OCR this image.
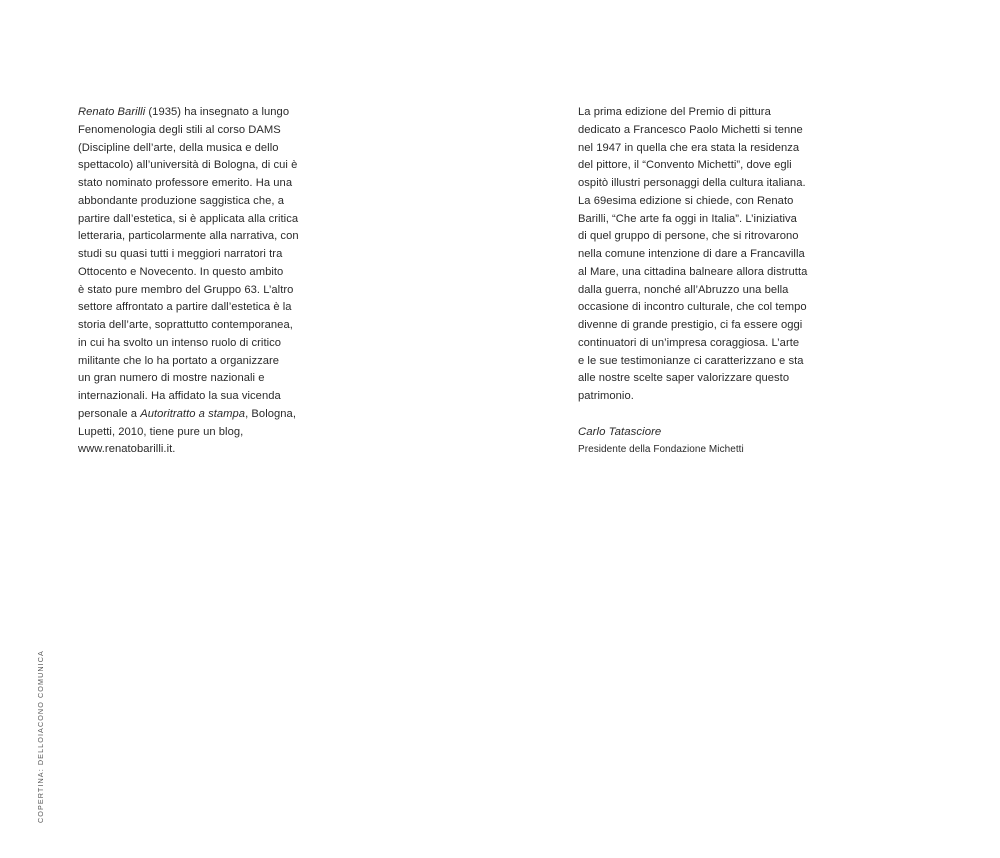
Renato Barilli (1935) ha insegnato a lungo
Fenomenologia degli stili al corso DAMS
(Discipline dell’arte, della musica e dello
spettacolo) all’università di Bologna, di cui è
stato nominato professore emerito. Ha una
abbondante produzione saggistica che, a
partire dall’estetica, si è applicata alla critica
letteraria, particolarmente alla narrativa, con
studi su quasi tutti i meggiori narratori tra
Ottocento e Novecento. In questo ambito
è stato pure membro del Gruppo 63. L’altro
settore affrontato a partire dall’estetica è la
storia dell’arte, soprattutto contemporanea,
in cui ha svolto un intenso ruolo di critico
militante che lo ha portato a organizzare
un gran numero di mostre nazionali e
internazionali. Ha affidato la sua vicenda
personale a Autoritratto a stampa, Bologna,
Lupetti, 2010, tiene pure un blog,
www.renatobarilli.it.
La prima edizione del Premio di pittura
dedicato a Francesco Paolo Michetti si tenne
nel 1947 in quella che era stata la residenza
del pittore, il “Convento Michetti”, dove egli
ospitò illustri personaggi della cultura italiana.
La 69esima edizione si chiede, con Renato
Barilli, “Che arte fa oggi in Italia”. L’iniziativa
di quel gruppo di persone, che si ritrovarono
nella comune intenzione di dare a Francavilla
al Mare, una cittadina balneare allora distrutta
dalla guerra, nonché all’Abruzzo una bella
occasione di incontro culturale, che col tempo
divenne di grande prestigio, ci fa essere oggi
continuatori di un’impresa coraggiosa. L’arte
e le sue testimonianze ci caratterizzano e sta
alle nostre scelte saper valorizzare questo
patrimonio.
Carlo Tatasciore
Presidente della Fondazione Michetti
COPERTINA: DELLOIACONO COMUNICA
